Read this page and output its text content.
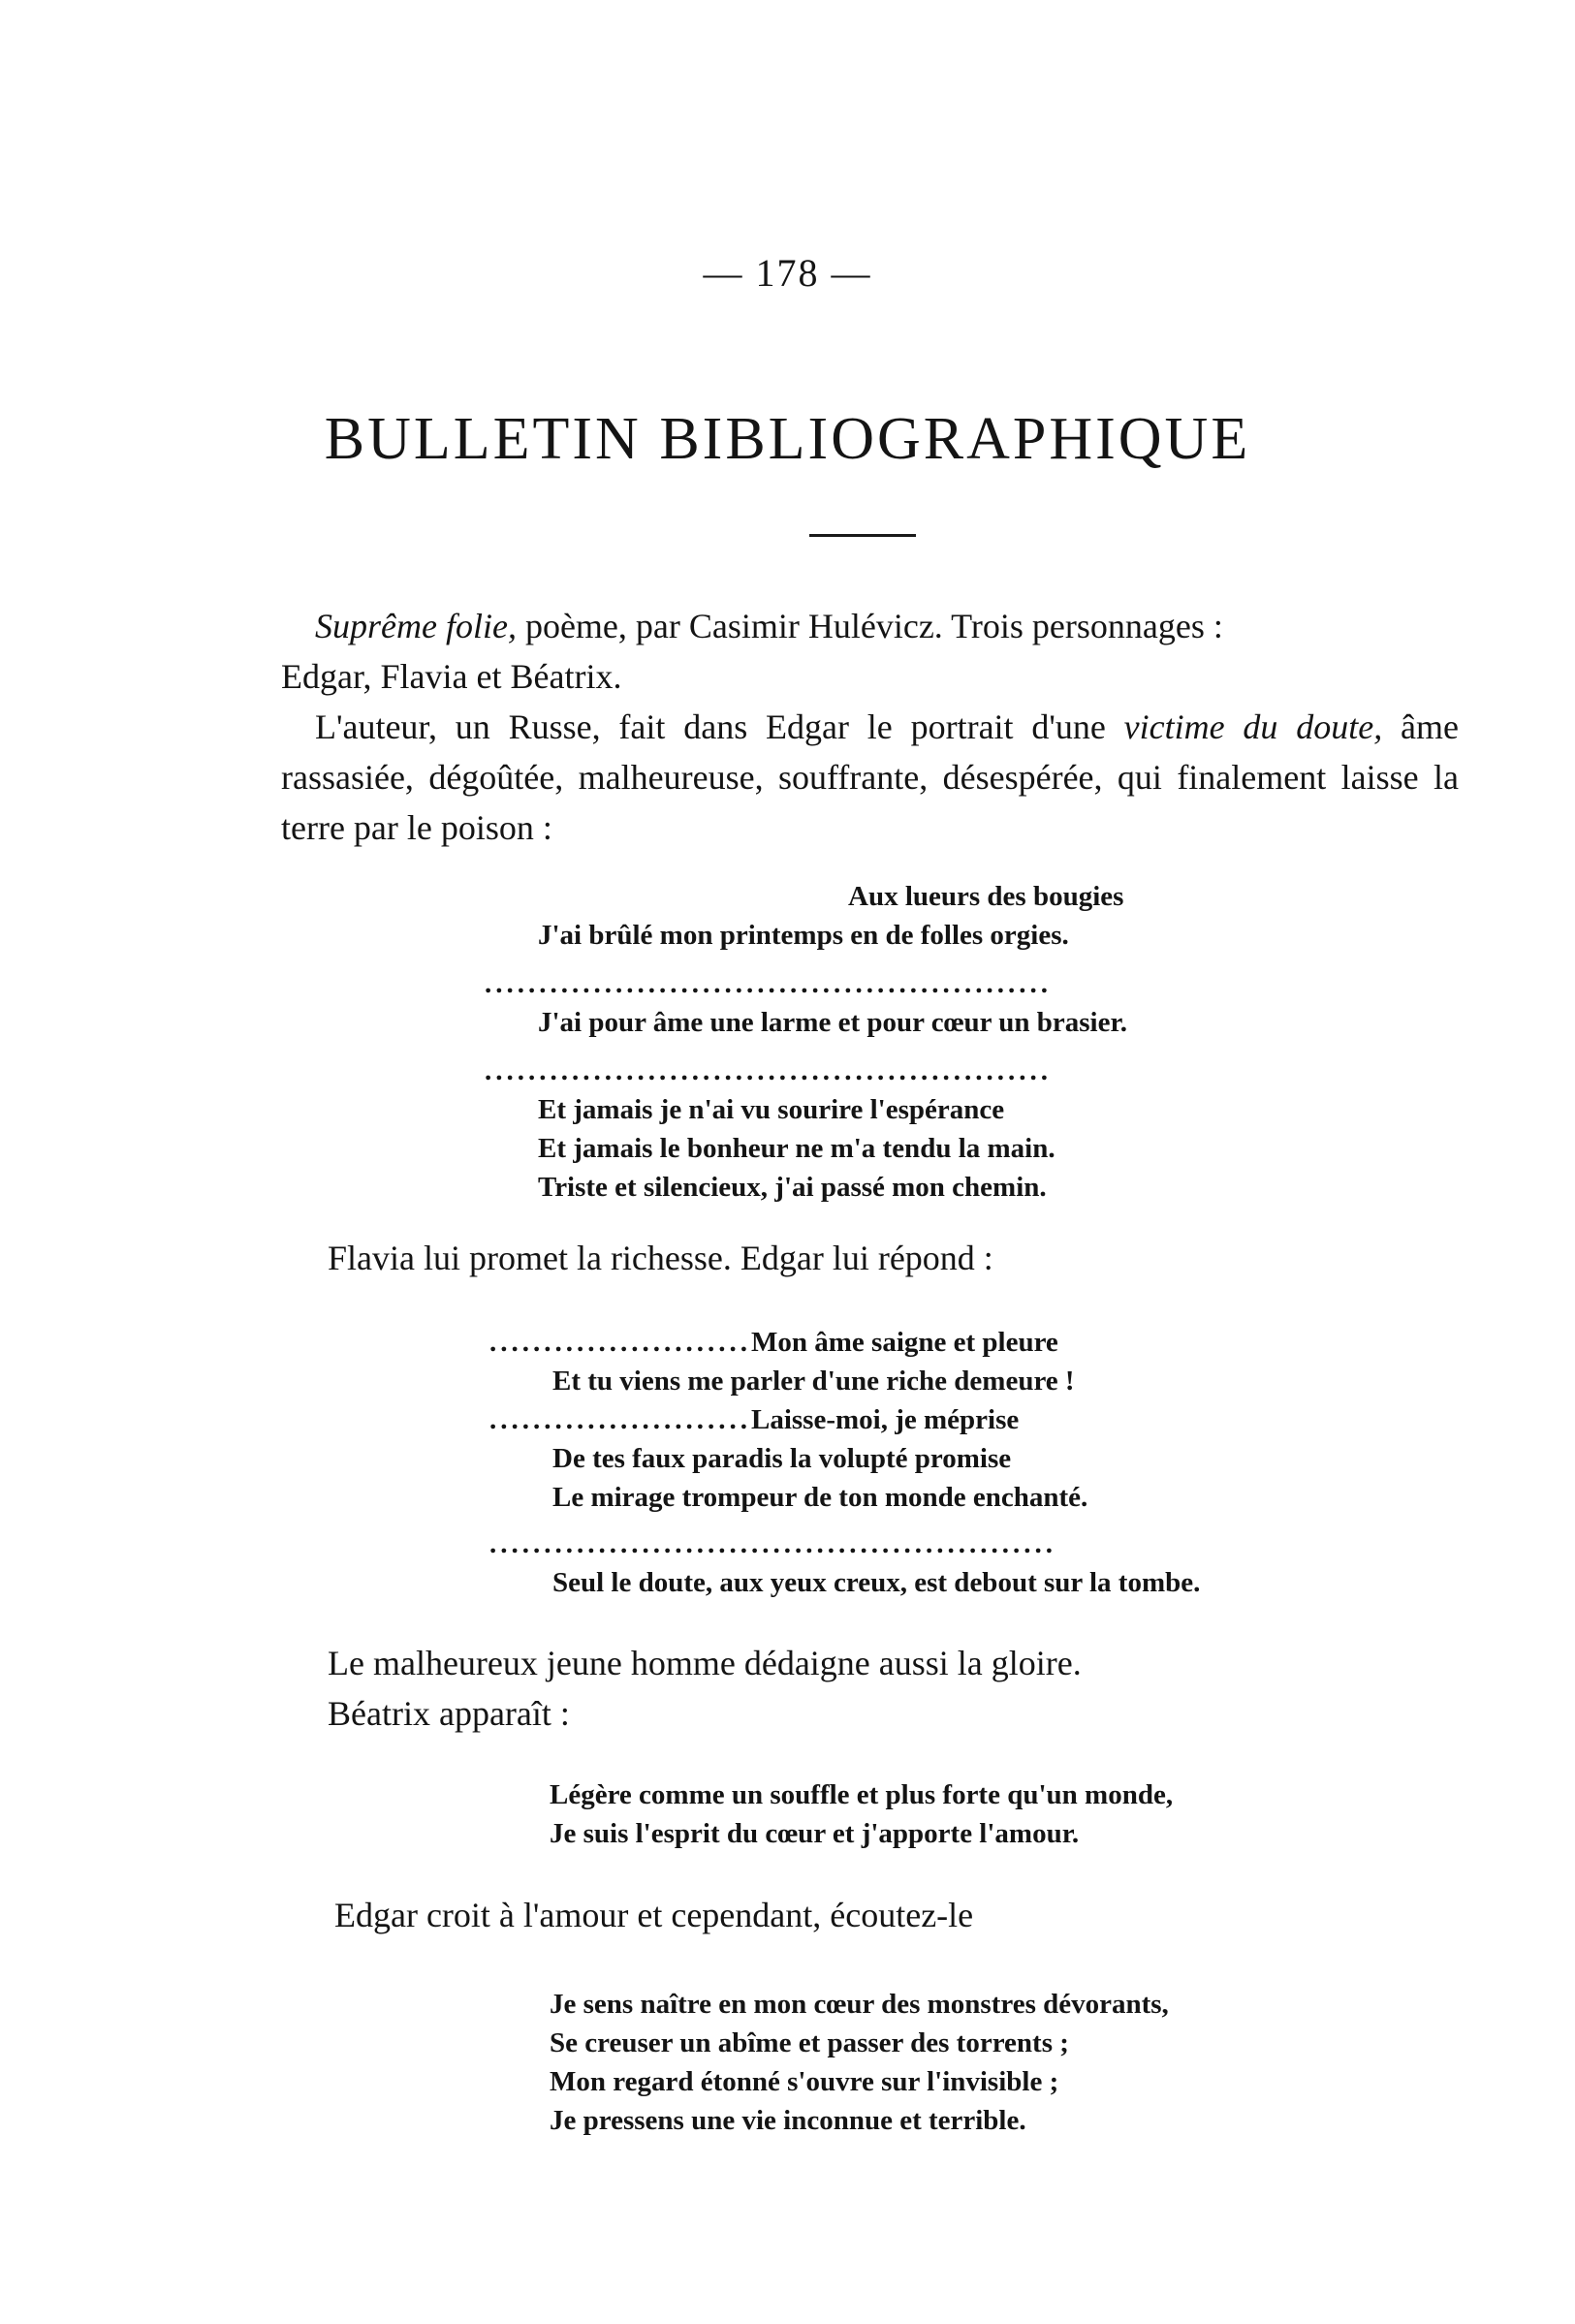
— 178 —
BULLETIN BIBLIOGRAPHIQUE

Suprême folie, poème, par Casimir Hulévicz. Trois personnages :
Edgar, Flavia et Béatrix.

L'auteur, un Russe, fait dans Edgar le portrait d'une victime du doute, âme rassasiée, dégoûtée, malheureuse, souffrante, désespérée, qui finalement laisse la terre par le poison :

Aux lueurs des bougies
J'ai brûlé mon printemps en de folles orgies.
....................................................
J'ai pour âme une larme et pour cœur un brasier.
....................................................
Et jamais je n'ai vu sourire l'espérance
Et jamais le bonheur ne m'a tendu la main.
Triste et silencieux, j'ai passé mon chemin.

Flavia lui promet la richesse. Edgar lui répond :

........................Mon âme saigne et pleure
Et tu viens me parler d'une riche demeure !
........................Laisse-moi, je méprise
De tes faux paradis la volupté promise
Le mirage trompeur de ton monde enchanté.
....................................................
Seul le doute, aux yeux creux, est debout sur la tombe.

Le malheureux jeune homme dédaigne aussi la gloire.
Béatrix apparaît :

Légère comme un souffle et plus forte qu'un monde,
Je suis l'esprit du cœur et j'apporte l'amour.

Edgar croit à l'amour et cependant, écoutez-le

Je sens naître en mon cœur des monstres dévorants,
Se creuser un abîme et passer des torrents ;
Mon regard étonné s'ouvre sur l'invisible ;
Je pressens une vie inconnue et terrible.
